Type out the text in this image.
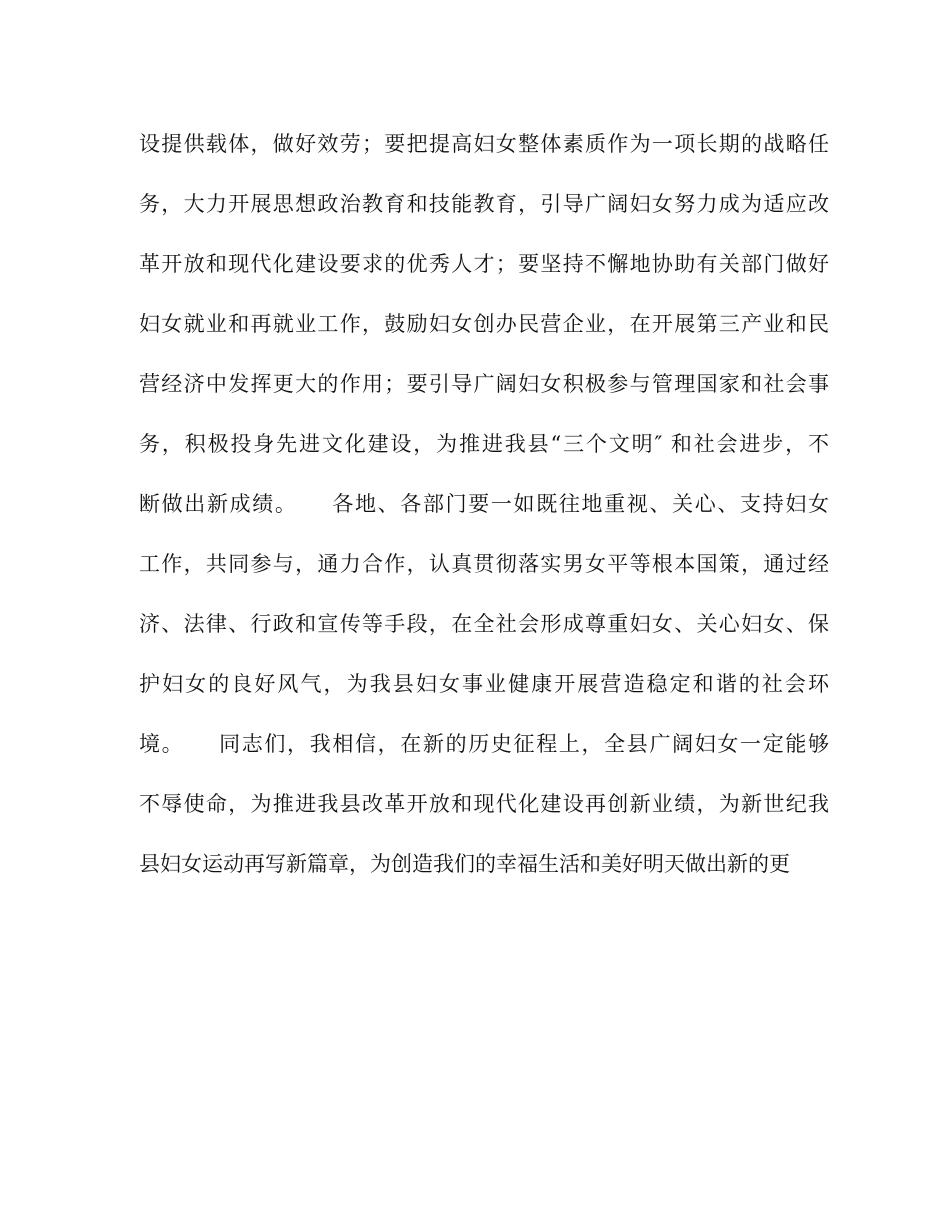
设提供载体，做好效劳；要把提高妇女整体素质作为一项长期的战略任
务，大力开展思想政治教育和技能教育，引导广阔妇女努力成为适应改
革开放和现代化建设要求的优秀人才；要坚持不懈地协助有关部门做好
妇女就业和再就业工作，鼓励妇女创办民营企业，在开展第三产业和民
营经济中发挥更大的作用；要引导广阔妇女积极参与管理国家和社会事
务，积极投身先进文化建设，为推进我县“三个文明″ 和社会进步，不
断做出新成绩。　　各地、各部门要一如既往地重视、关心、支持妇女
工作，共同参与，通力合作，认真贯彻落实男女平等根本国策，通过经
济、法律、行政和宣传等手段，在全社会形成尊重妇女、关心妇女、保
护妇女的良好风气，为我县妇女事业健康开展营造稳定和谐的社会环
境。　　同志们，我相信，在新的历史征程上，全县广阔妇女一定能够
不辱使命，为推进我县改革开放和现代化建设再创新业绩，为新世纪我
县妇女运动再写新篇章，为创造我们的幸福生活和美好明天做出新的更
